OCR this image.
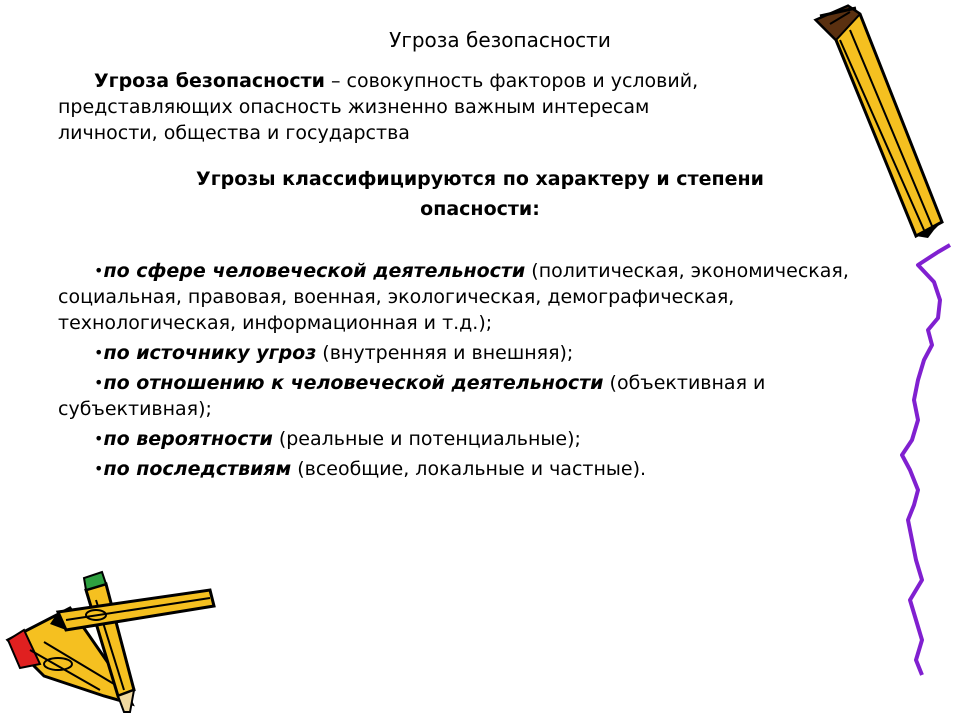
Угроза безопасности
Угроза безопасности – совокупность факторов и условий,
представляющих опасность жизненно важным интересам
личности, общества и государства
Угрозы классифицируются по характеру и степени
опасности:
•по сфере человеческой деятельности (политическая, экономическая, социальная, правовая, военная, экологическая, демографическая, технологическая, информационная и т.д.);
•по источнику угроз (внутренняя и внешняя);
•по отношению к человеческой деятельности (объективная и субъективная);
•по вероятности (реальные и потенциальные);
•по последствиям (всеобщие, локальные и частные).
